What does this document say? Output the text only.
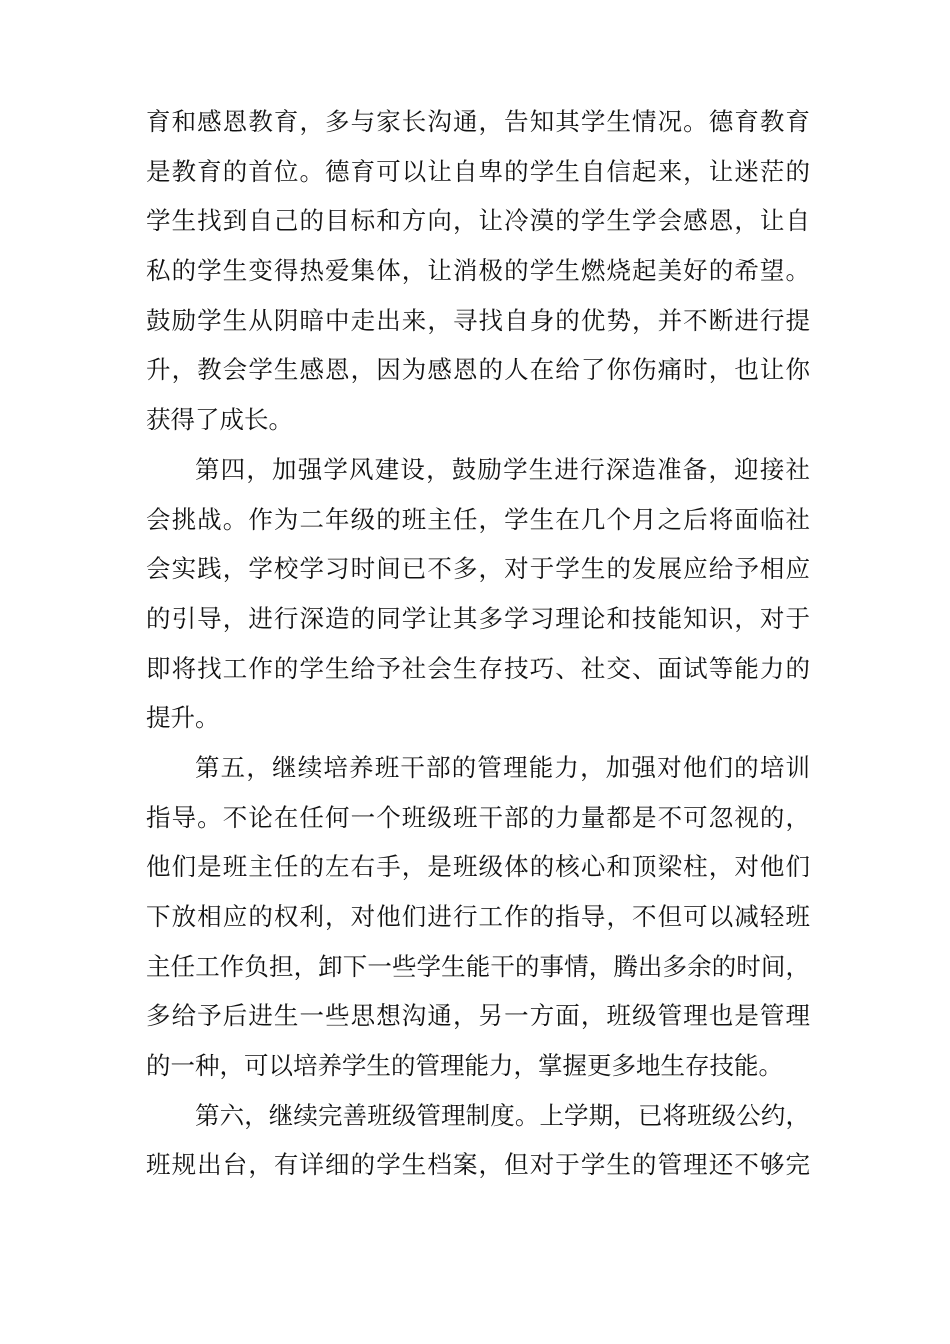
育和感恩教育，多与家长沟通，告知其学生情况。德育教育
是教育的首位。德育可以让自卑的学生自信起来，让迷茫的
学生找到自己的目标和方向，让冷漠的学生学会感恩，让自
私的学生变得热爱集体，让消极的学生燃烧起美好的希望。
鼓励学生从阴暗中走出来，寻找自身的优势，并不断进行提
升，教会学生感恩，因为感恩的人在给了你伤痛时，也让你
获得了成长。
第四，加强学风建设，鼓励学生进行深造准备，迎接社
会挑战。作为二年级的班主任，学生在几个月之后将面临社
会实践，学校学习时间已不多，对于学生的发展应给予相应
的引导，进行深造的同学让其多学习理论和技能知识，对于
即将找工作的学生给予社会生存技巧、社交、面试等能力的
提升。
第五，继续培养班干部的管理能力，加强对他们的培训
指导。不论在任何一个班级班干部的力量都是不可忽视的，
他们是班主任的左右手，是班级体的核心和顶梁柱，对他们
下放相应的权利，对他们进行工作的指导，不但可以减轻班
主任工作负担，卸下一些学生能干的事情，腾出多余的时间，
多给予后进生一些思想沟通，另一方面，班级管理也是管理
的一种，可以培养学生的管理能力，掌握更多地生存技能。
第六，继续完善班级管理制度。上学期，已将班级公约，
班规出台，有详细的学生档案，但对于学生的管理还不够完
